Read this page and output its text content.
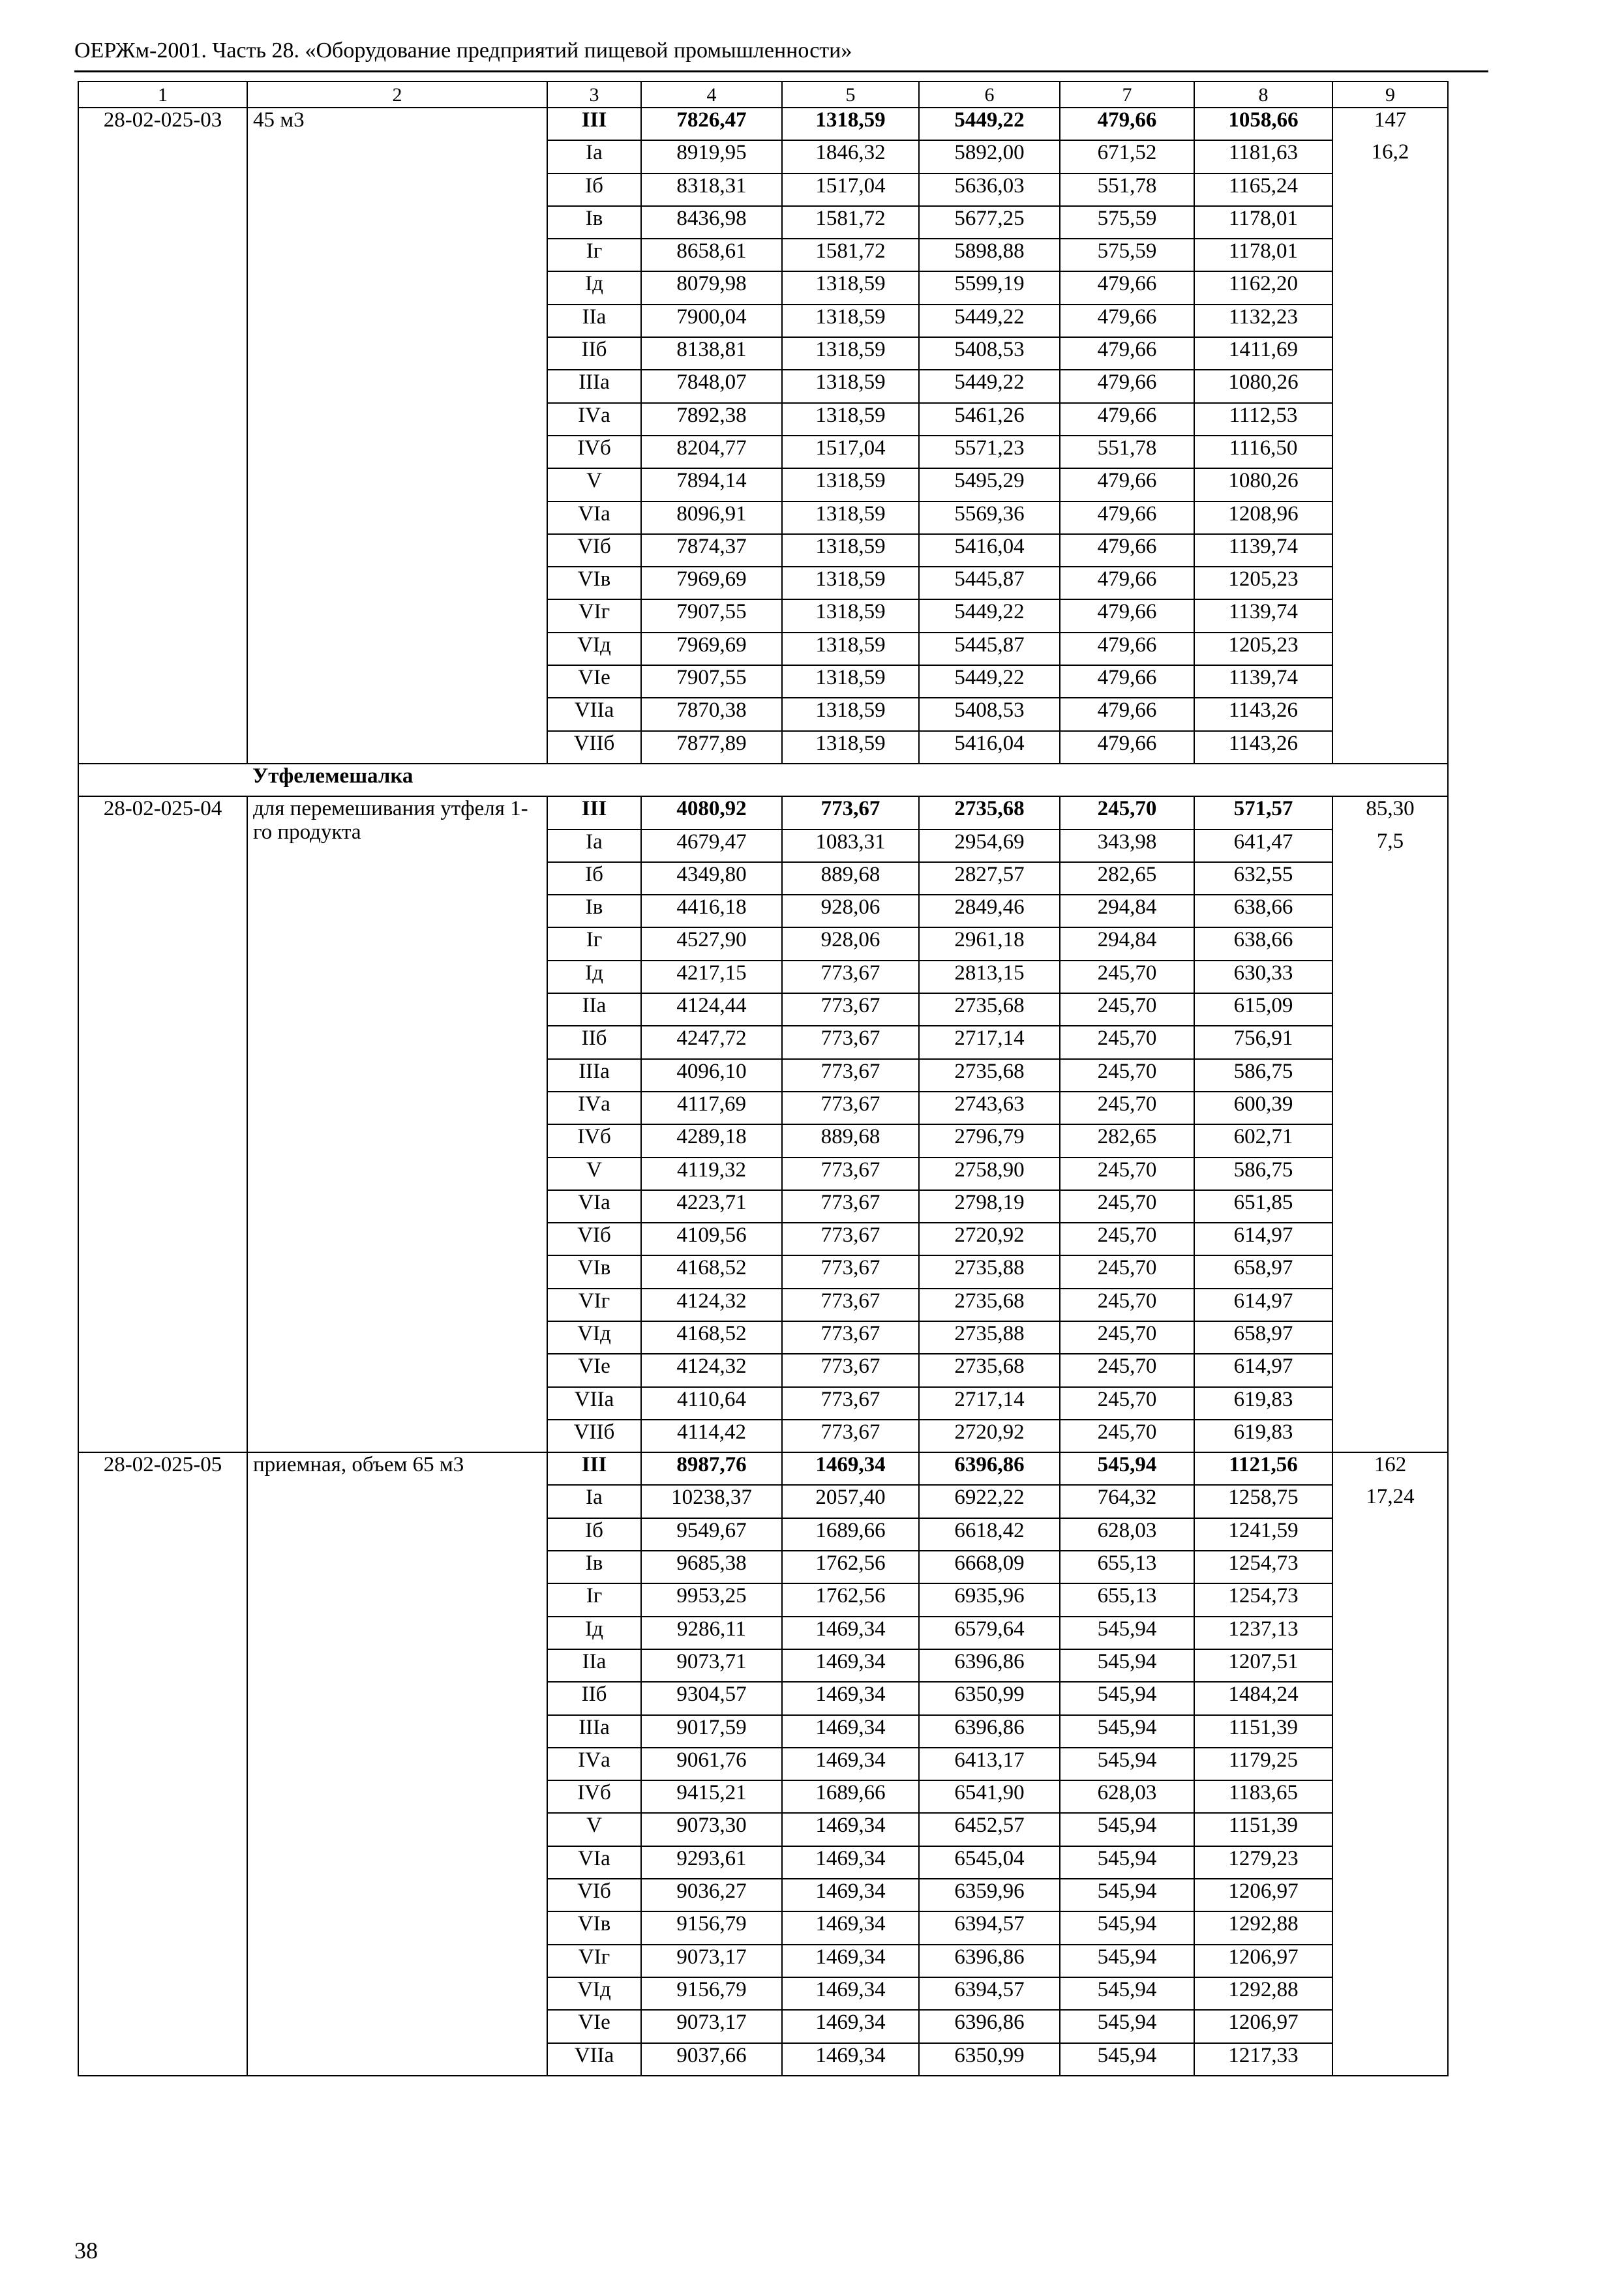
ОЕРЖм-2001. Часть 28. «Оборудование предприятий пищевой промышленности»
1	2	3	4	5	6	7	8	9
28-02-025-03	45 м3	III	7826,47	1318,59	5449,22	479,66	1058,66	147
		Iа	8919,95	1846,32	5892,00	671,52	1181,63	16,2
		Iб	8318,31	1517,04	5636,03	551,78	1165,24	
		Iв	8436,98	1581,72	5677,25	575,59	1178,01	
		Iг	8658,61	1581,72	5898,88	575,59	1178,01	
		Iд	8079,98	1318,59	5599,19	479,66	1162,20	
		IIа	7900,04	1318,59	5449,22	479,66	1132,23	
		IIб	8138,81	1318,59	5408,53	479,66	1411,69	
		IIIа	7848,07	1318,59	5449,22	479,66	1080,26	
		IVа	7892,38	1318,59	5461,26	479,66	1112,53	
		IVб	8204,77	1517,04	5571,23	551,78	1116,50	
		V	7894,14	1318,59	5495,29	479,66	1080,26	
		VIа	8096,91	1318,59	5569,36	479,66	1208,96	
		VIб	7874,37	1318,59	5416,04	479,66	1139,74	
		VIв	7969,69	1318,59	5445,87	479,66	1205,23	
		VIг	7907,55	1318,59	5449,22	479,66	1139,74	
		VIд	7969,69	1318,59	5445,87	479,66	1205,23	
		VIе	7907,55	1318,59	5449,22	479,66	1139,74	
		VIIа	7870,38	1318,59	5408,53	479,66	1143,26	
		VIIб	7877,89	1318,59	5416,04	479,66	1143,26	
	Утфелемешалка							
28-02-025-04	для перемешивания утфеля 1-го продукта	III	4080,92	773,67	2735,68	245,70	571,57	85,30
		Iа	4679,47	1083,31	2954,69	343,98	641,47	7,5
		Iб	4349,80	889,68	2827,57	282,65	632,55	
		Iв	4416,18	928,06	2849,46	294,84	638,66	
		Iг	4527,90	928,06	2961,18	294,84	638,66	
		Iд	4217,15	773,67	2813,15	245,70	630,33	
		IIа	4124,44	773,67	2735,68	245,70	615,09	
		IIб	4247,72	773,67	2717,14	245,70	756,91	
		IIIа	4096,10	773,67	2735,68	245,70	586,75	
		IVа	4117,69	773,67	2743,63	245,70	600,39	
		IVб	4289,18	889,68	2796,79	282,65	602,71	
		V	4119,32	773,67	2758,90	245,70	586,75	
		VIа	4223,71	773,67	2798,19	245,70	651,85	
		VIб	4109,56	773,67	2720,92	245,70	614,97	
		VIв	4168,52	773,67	2735,88	245,70	658,97	
		VIг	4124,32	773,67	2735,68	245,70	614,97	
		VIд	4168,52	773,67	2735,88	245,70	658,97	
		VIе	4124,32	773,67	2735,68	245,70	614,97	
		VIIа	4110,64	773,67	2717,14	245,70	619,83	
		VIIб	4114,42	773,67	2720,92	245,70	619,83	
28-02-025-05	приемная, объем 65 м3	III	8987,76	1469,34	6396,86	545,94	1121,56	162
		Iа	10238,37	2057,40	6922,22	764,32	1258,75	17,24
		Iб	9549,67	1689,66	6618,42	628,03	1241,59	
		Iв	9685,38	1762,56	6668,09	655,13	1254,73	
		Iг	9953,25	1762,56	6935,96	655,13	1254,73	
		Iд	9286,11	1469,34	6579,64	545,94	1237,13	
		IIа	9073,71	1469,34	6396,86	545,94	1207,51	
		IIб	9304,57	1469,34	6350,99	545,94	1484,24	
		IIIа	9017,59	1469,34	6396,86	545,94	1151,39	
		IVа	9061,76	1469,34	6413,17	545,94	1179,25	
		IVб	9415,21	1689,66	6541,90	628,03	1183,65	
		V	9073,30	1469,34	6452,57	545,94	1151,39	
		VIа	9293,61	1469,34	6545,04	545,94	1279,23	
		VIб	9036,27	1469,34	6359,96	545,94	1206,97	
		VIв	9156,79	1469,34	6394,57	545,94	1292,88	
		VIг	9073,17	1469,34	6396,86	545,94	1206,97	
		VIд	9156,79	1469,34	6394,57	545,94	1292,88	
		VIе	9073,17	1469,34	6396,86	545,94	1206,97	
		VIIа	9037,66	1469,34	6350,99	545,94	1217,33	
38
